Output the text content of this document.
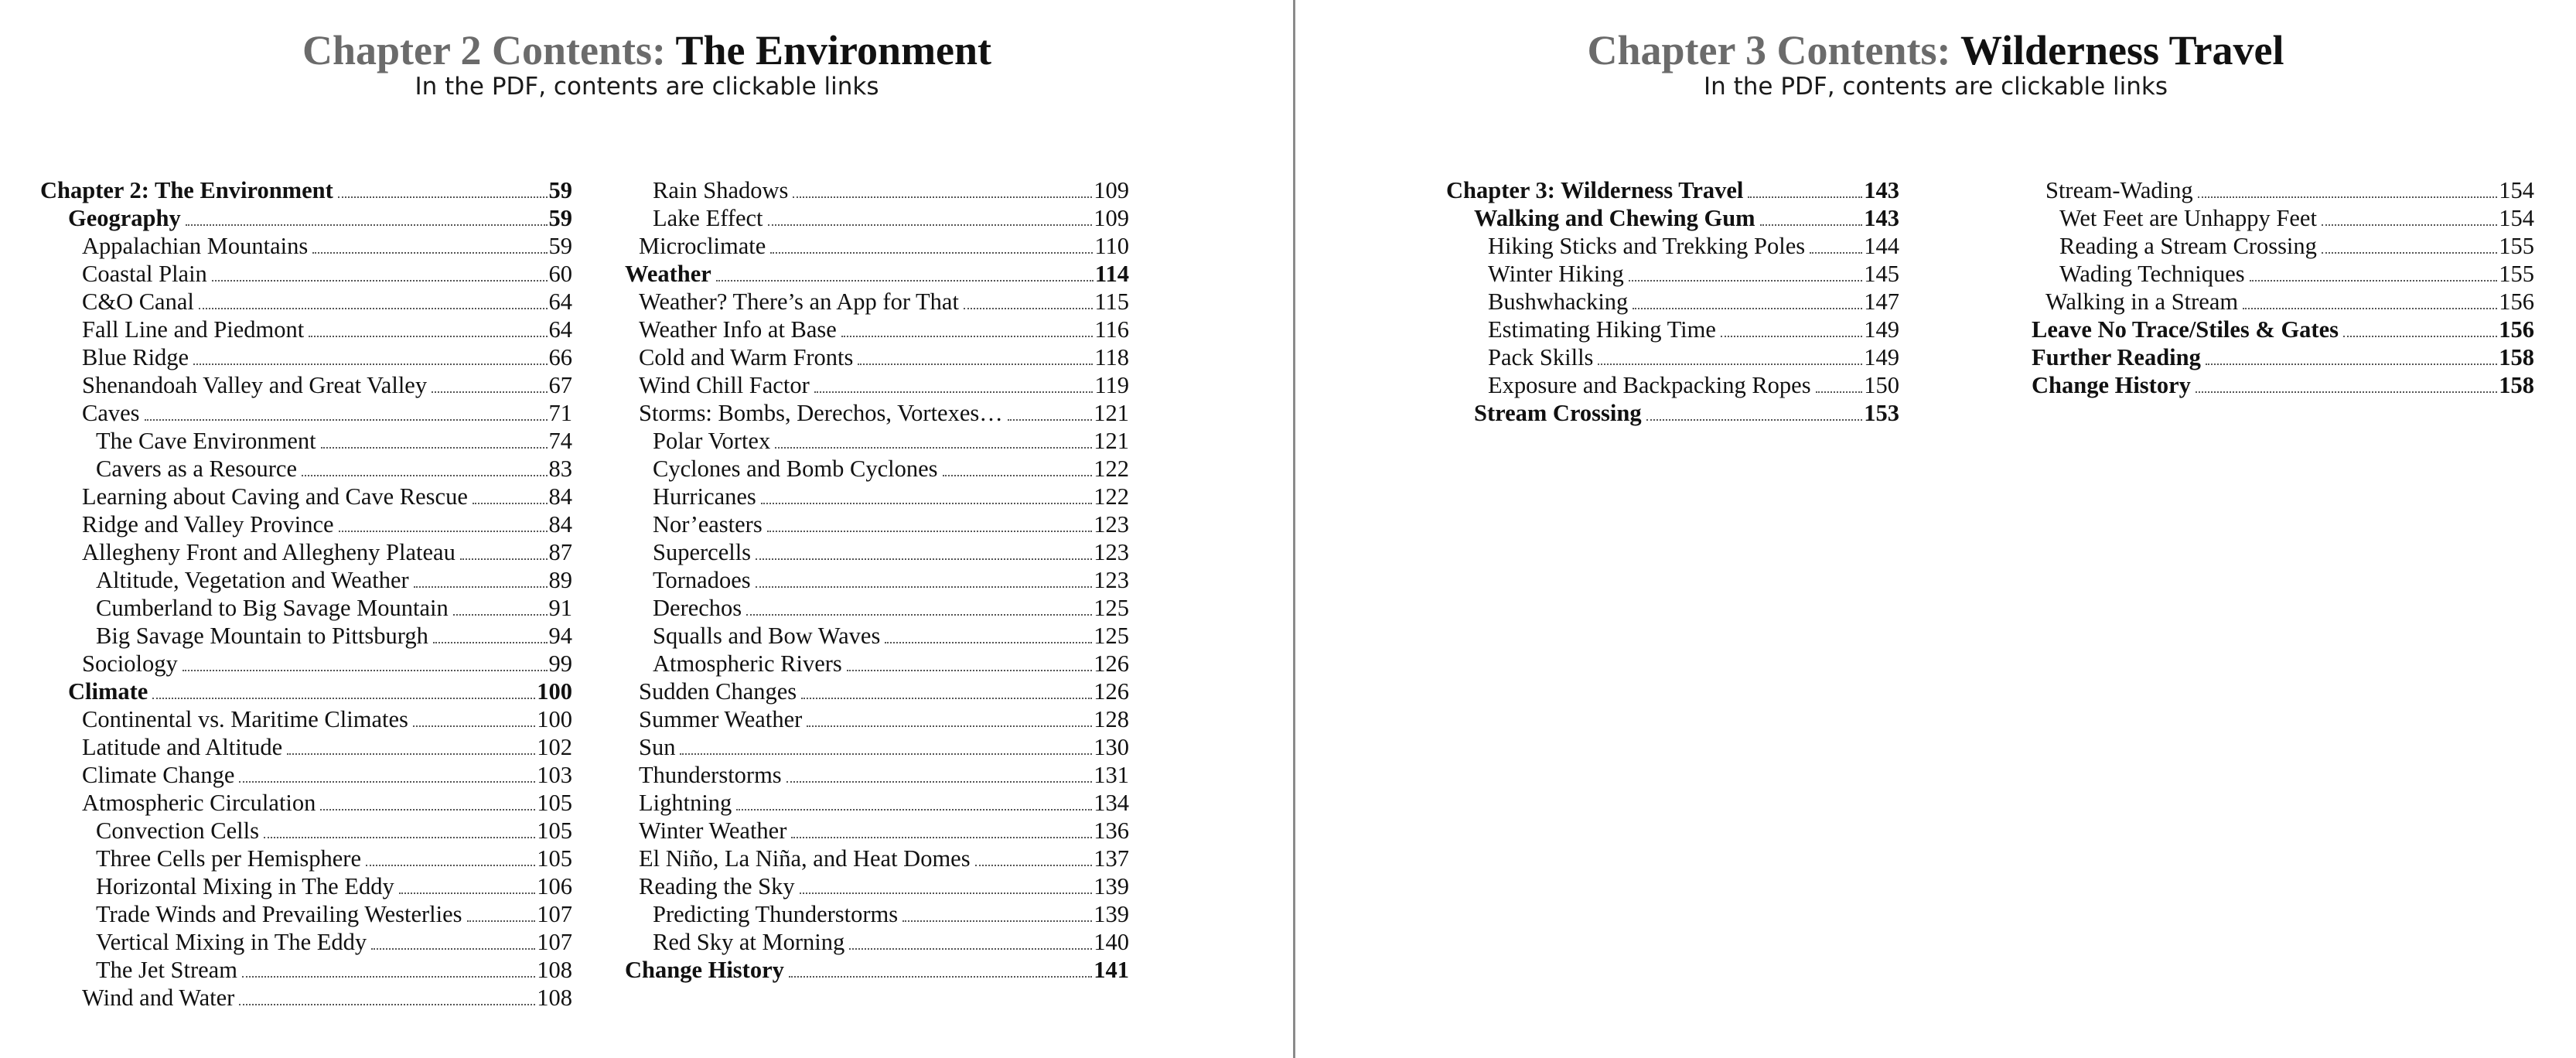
Chapter 2 Contents: The Environment
In the PDF, contents are clickable links
Chapter 2: The Environment	59
Geography	59
Appalachian Mountains	59
Coastal Plain	60
C&O Canal	64
Fall Line and Piedmont	64
Blue Ridge	66
Shenandoah Valley and Great Valley	67
Caves	71
The Cave Environment	74
Cavers as a Resource	83
Learning about Caving and Cave Rescue	84
Ridge and Valley Province	84
Allegheny Front and Allegheny Plateau	87
Altitude, Vegetation and Weather	89
Cumberland to Big Savage Mountain	91
Big Savage Mountain to Pittsburgh	94
Sociology	99
Climate	100
Continental vs. Maritime Climates	100
Latitude and Altitude	102
Climate Change	103
Atmospheric Circulation	105
Convection Cells	105
Three Cells per Hemisphere	105
Horizontal Mixing in The Eddy	106
Trade Winds and Prevailing Westerlies	107
Vertical Mixing in The Eddy	107
The Jet Stream	108
Wind and Water	108
Rain Shadows	109
Lake Effect	109
Microclimate	110
Weather	114
Weather? There’s an App for That	115
Weather Info at Base	116
Cold and Warm Fronts	118
Wind Chill Factor	119
Storms: Bombs, Derechos, Vortexes…	121
Polar Vortex	121
Cyclones and Bomb Cyclones	122
Hurricanes	122
Nor’easters	123
Supercells	123
Tornadoes	123
Derechos	125
Squalls and Bow Waves	125
Atmospheric Rivers	126
Sudden Changes	126
Summer Weather	128
Sun	130
Thunderstorms	131
Lightning	134
Winter Weather	136
El Niño, La Niña, and Heat Domes	137
Reading the Sky	139
Predicting Thunderstorms	139
Red Sky at Morning	140
Change History	141
Chapter 3 Contents: Wilderness Travel
In the PDF, contents are clickable links
Chapter 3: Wilderness Travel	143
Walking and Chewing Gum	143
Hiking Sticks and Trekking Poles 144
Winter Hiking	145
Bushwhacking	147
Estimating Hiking Time	149
Pack Skills	149
Exposure and Backpacking Ropes 150
Stream Crossing	153
Stream-Wading	154
Wet Feet are Unhappy Feet	154
Reading a Stream Crossing	155
Wading Techniques	155
Walking in a Stream	156
Leave No Trace/Stiles & Gates	156
Further Reading	158
Change History	158
